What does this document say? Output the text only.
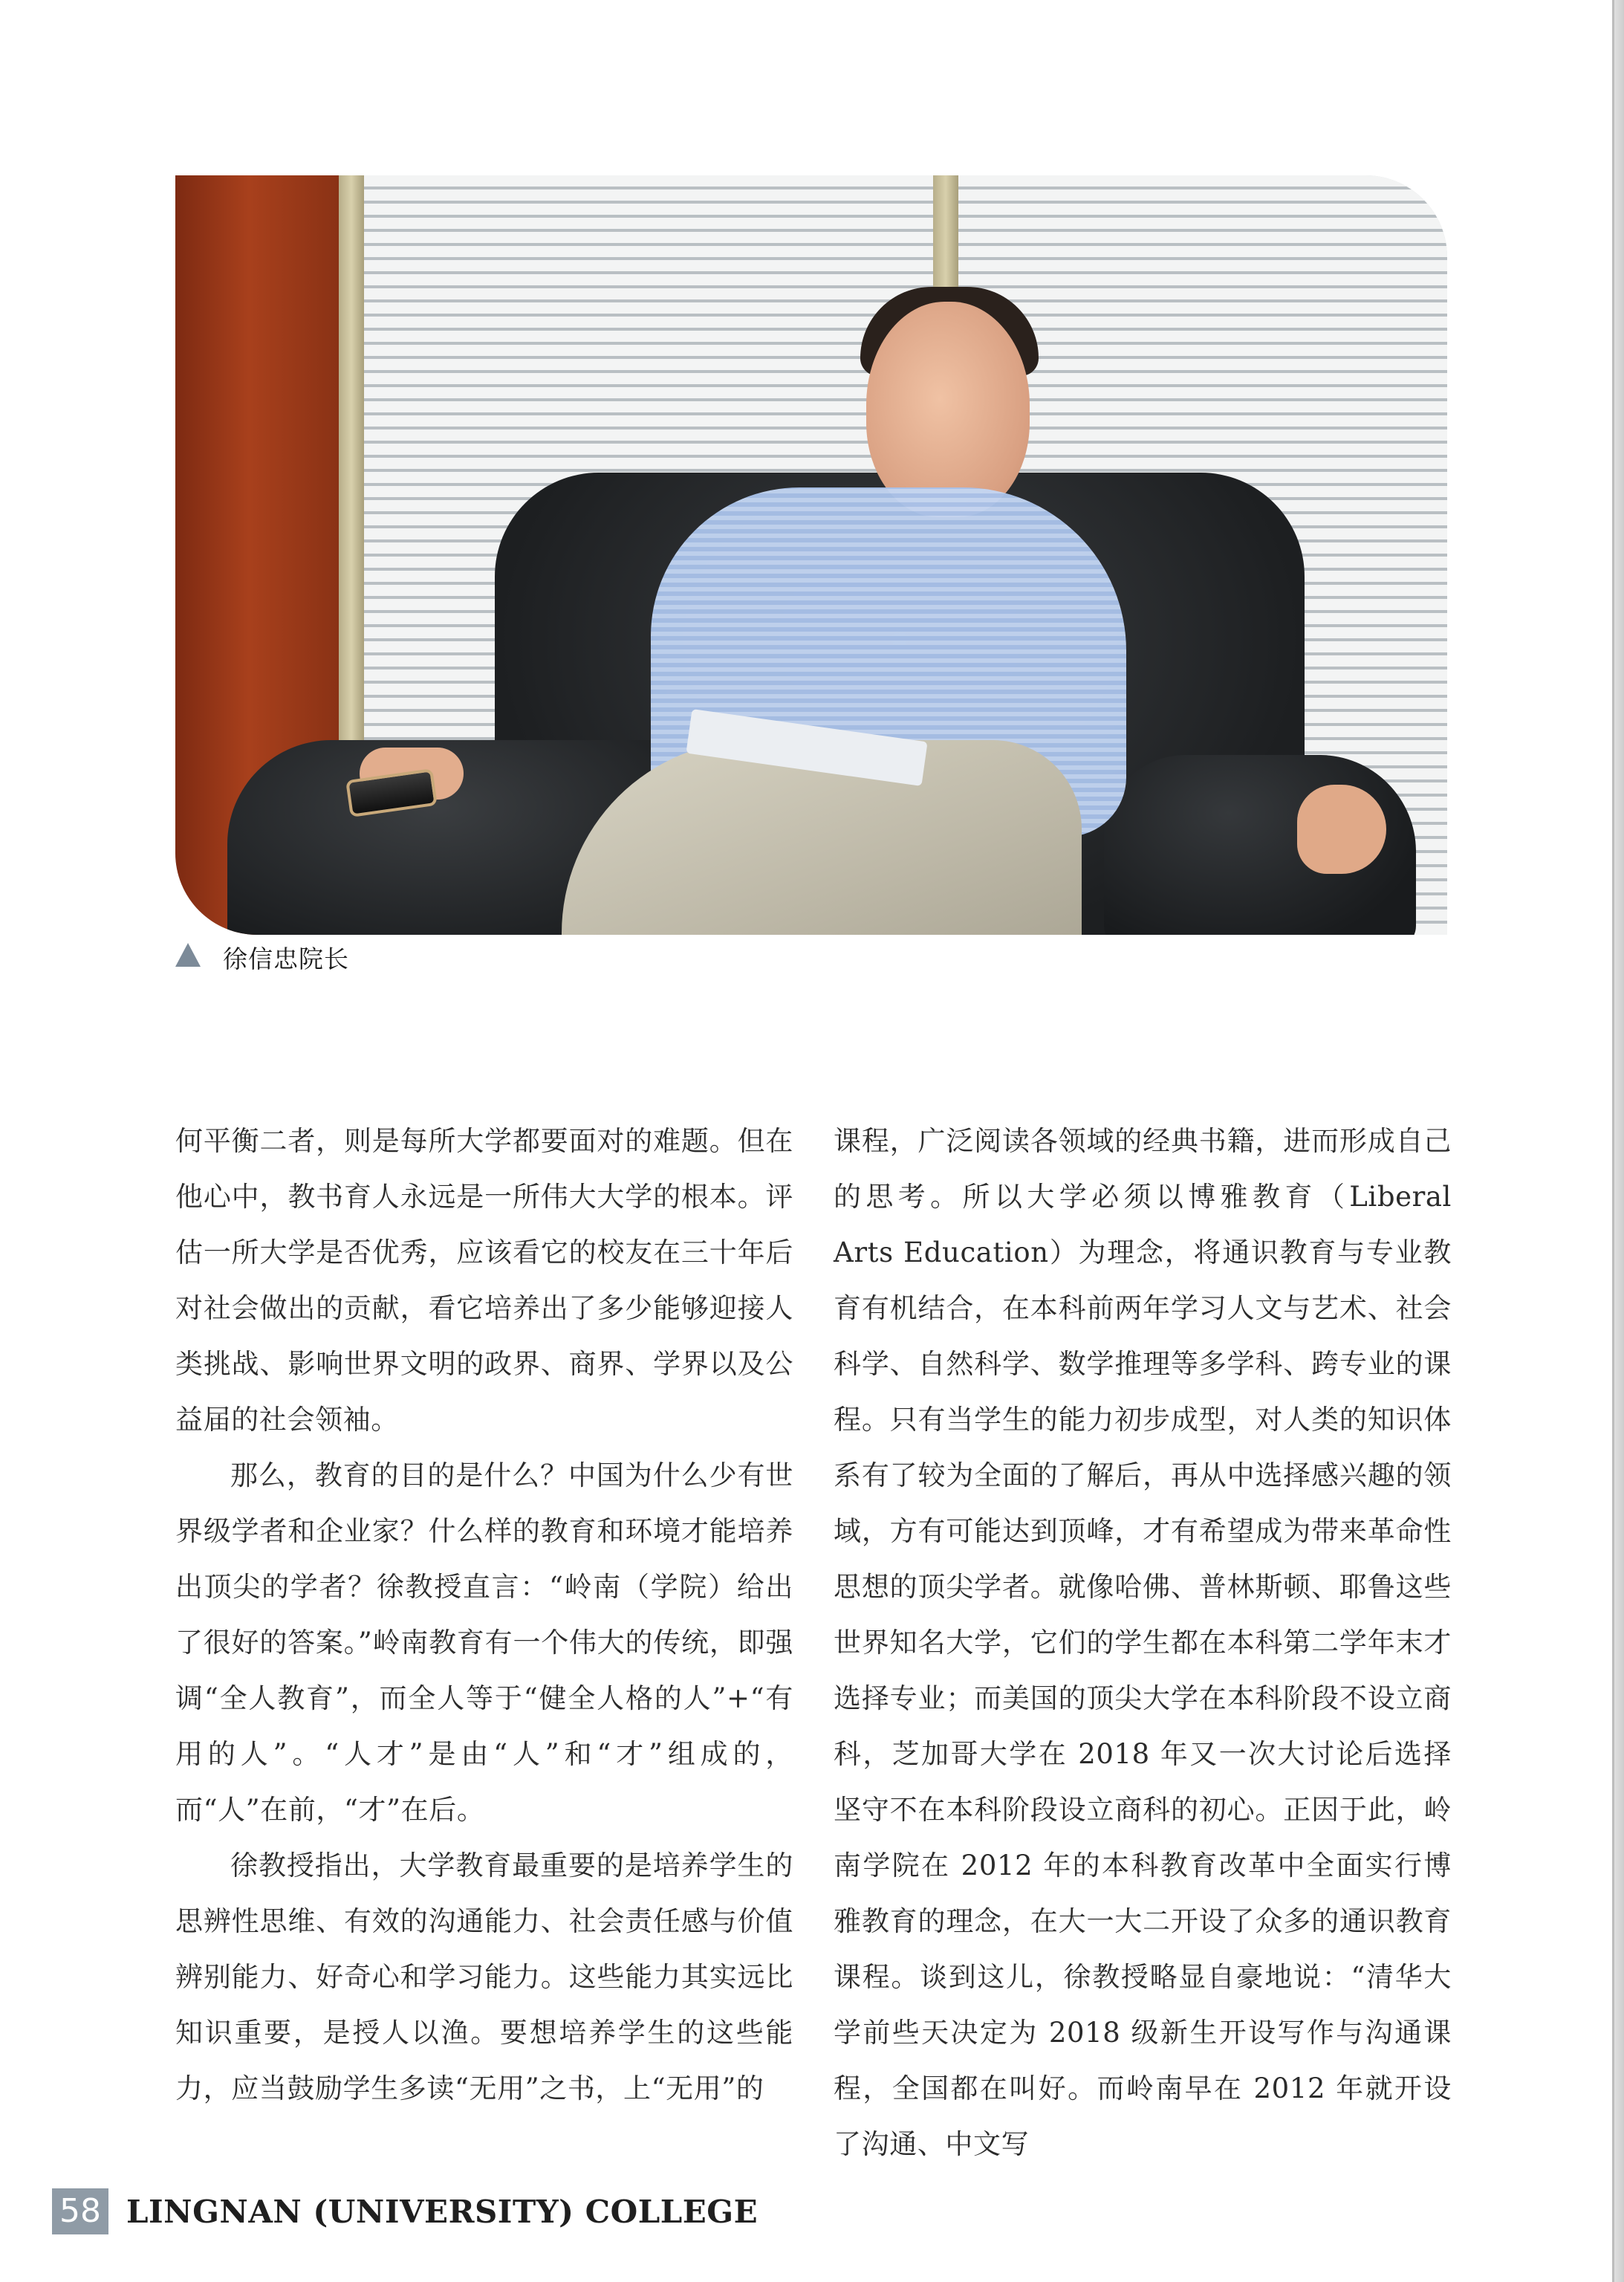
徐信忠院长

何平衡二者，则是每所大学都要面对的难题。但在他心中，教书育人永远是一所伟大大学的根本。评估一所大学是否优秀，应该看它的校友在三十年后对社会做出的贡献，看它培养出了多少能够迎接人类挑战、影响世界文明的政界、商界、学界以及公益届的社会领袖。

那么，教育的目的是什么？中国为什么少有世界级学者和企业家？什么样的教育和环境才能培养出顶尖的学者？徐教授直言：“岭南（学院）给出了很好的答案。”岭南教育有一个伟大的传统，即强调“全人教育”，而全人等于“健全人格的人”+“有用的人”。“人才”是由“人”和“才”组成的，而“人”在前，“才”在后。

徐教授指出，大学教育最重要的是培养学生的思辨性思维、有效的沟通能力、社会责任感与价值辨别能力、好奇心和学习能力。这些能力其实远比知识重要，是授人以渔。要想培养学生的这些能力，应当鼓励学生多读“无用”之书，上“无用”的

课程，广泛阅读各领域的经典书籍，进而形成自己的思考。所以大学必须以博雅教育（Liberal Arts Education）为理念，将通识教育与专业教育有机结合，在本科前两年学习人文与艺术、社会科学、自然科学、数学推理等多学科、跨专业的课程。只有当学生的能力初步成型，对人类的知识体系有了较为全面的了解后，再从中选择感兴趣的领域，方有可能达到顶峰，才有希望成为带来革命性思想的顶尖学者。就像哈佛、普林斯顿、耶鲁这些世界知名大学，它们的学生都在本科第二学年末才选择专业；而美国的顶尖大学在本科阶段不设立商科，芝加哥大学在 2018 年又一次大讨论后选择坚守不在本科阶段设立商科的初心。正因于此，岭南学院在 2012 年的本科教育改革中全面实行博雅教育的理念，在大一大二开设了众多的通识教育课程。谈到这儿，徐教授略显自豪地说：“清华大学前些天决定为 2018 级新生开设写作与沟通课程，全国都在叫好。而岭南早在 2012 年就开设了沟通、中文写

58 LINGNAN (UNIVERSITY) COLLEGE
